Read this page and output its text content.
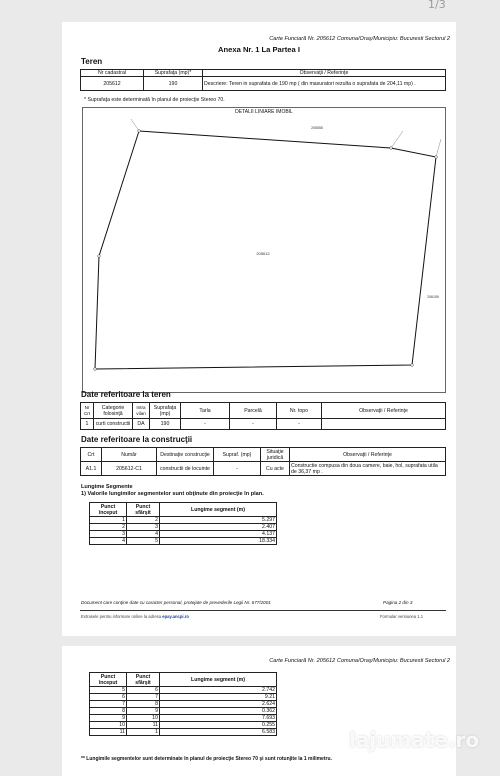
1/3
Carte Funciară Nr. 205612 Comuna/Oraş/Municipiu: Bucuresti Sectorul 2
Anexa Nr. 1 La Partea I
Teren
Nr cadastral	Suprafaţa (mp)*	Observaţii / Referinţe
205612	190	Descriere: Teren in suprafata de 190 mp ( din masuratori rezulta o suprafata de 204,11 mp) .
* Suprafaţa este determinată în planul de proiecţie Stereo 70.
DETALII LINIARE IMOBIL
205612
205555
206159
Date referitoare la teren
Nr Crt	Categorie folosinţă	Intra vilan	Suprafaţa (mp)	Tarla	Parcelă	Nr. topo	Observaţii / Referinţe
1	curti constructii	DA	190	-	-	-	
Date referitoare la construcţii
Crt	Număr	Destinaţie construcţie	Supraf. (mp)	Situaţie juridică	Observaţii / Referinţe
A1.1	205612-C1	constructii de locuinte	-	Cu acte	Constructie compusa din doua camere, baie, hol, suprafata utila de 36,37 mp .
Lungime Segmente
1) Valorile lungimilor segmentelor sunt obţinute din proiecţie în plan.
Punct început	Punct sfârşit	Lungime segment (m)
1	2	5.297
2	3	2.407
3	4	4.137
4	5	18.334
Document care conţine date cu caracter personal, protejate de prevederile Legii Nr. 677/2001	Pagina 2 din 3
Extrasele pentru informare online la adresa epay.ancpi.ro	Formular versiunea 1.1
Carte Funciară Nr. 205612 Comuna/Oraş/Municipiu: Bucuresti Sectorul 2
Punct început	Punct sfârşit	Lungime segment (m)
5	6	2.742
6	7	9.21
7	8	2.624
8	9	0.362
9	10	7.693
10	11	0.255
11	1	6.583
** Lungimile segmentelor sunt determinate în planul de proiecţie Stereo 70 şi sunt rotunjite la 1 milimetru.
lajumate.ro
